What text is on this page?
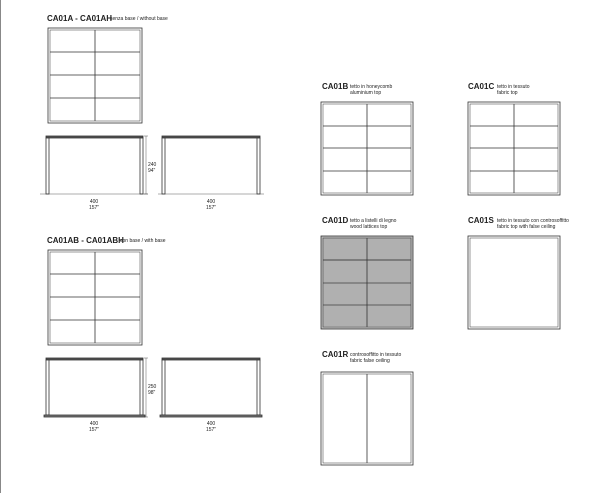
CA01A - CA01AH
senza base / without base
CA01AB - CA01ABH
con base / with base
CA01B tetto in honeycomb
aluminium top
CA01C tetto in tessuto
fabric top
CA01D tetto a listelli di legno
wood lattices top
CA01S tetto in tessuto con controsoffitto
fabric top with false ceiling
CA01R controsoffitto in tessuto
fabric false ceiling
240
94"
400
157"
400
157"
250
98"
400
157"
400
157"
